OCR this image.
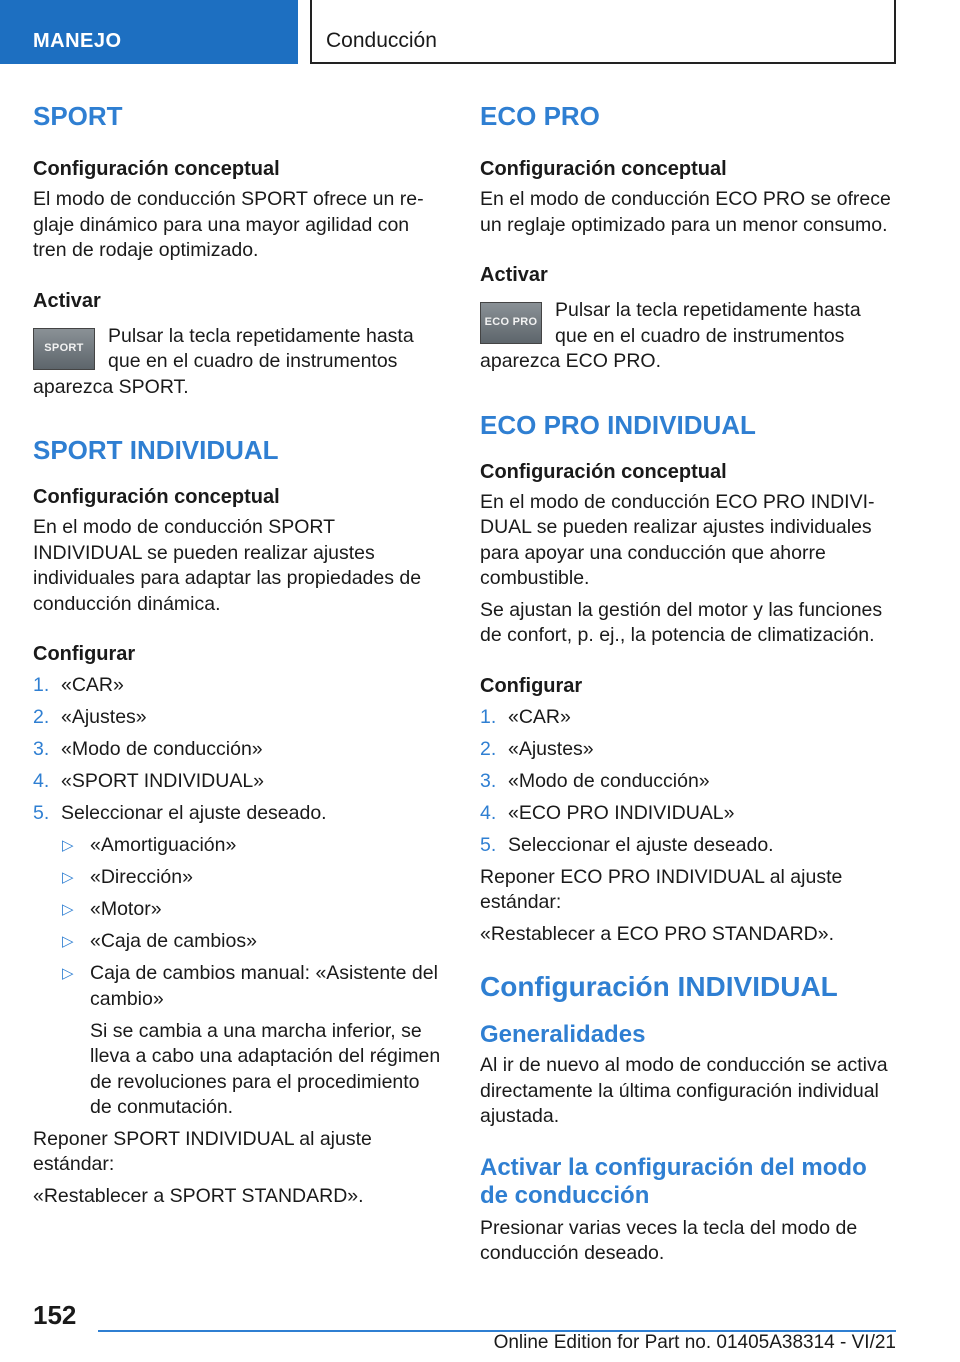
MANEJO	Conducción
SPORT
Configuración conceptual
El modo de conducción SPORT ofrece un reglaje dinámico para una mayor agilidad con tren de rodaje optimizado.
Activar
SPORT
Pulsar la tecla repetidamente hasta que en el cuadro de instrumentos aparezca SPORT.
SPORT INDIVIDUAL
Configuración conceptual
En el modo de conducción SPORT INDIVIDUAL se pueden realizar ajustes individuales para adaptar las propiedades de conducción dinámica.
Configurar
1. «CAR»
2. «Ajustes»
3. «Modo de conducción»
4. «SPORT INDIVIDUAL»
5. Seleccionar el ajuste deseado.
▷ «Amortiguación»
▷ «Dirección»
▷ «Motor»
▷ «Caja de cambios»
▷ Caja de cambios manual: «Asistente del cambio»
Si se cambia a una marcha inferior, se lleva a cabo una adaptación del régimen de revoluciones para el procedimiento de conmutación.
Reponer SPORT INDIVIDUAL al ajuste estándar:
«Restablecer a SPORT STANDARD».
ECO PRO
Configuración conceptual
En el modo de conducción ECO PRO se ofrece un reglaje optimizado para un menor consumo.
Activar
ECO PRO
Pulsar la tecla repetidamente hasta que en el cuadro de instrumentos aparezca ECO PRO.
ECO PRO INDIVIDUAL
Configuración conceptual
En el modo de conducción ECO PRO INDIVIDUAL se pueden realizar ajustes individuales para apoyar una conducción que ahorre combustible.
Se ajustan la gestión del motor y las funciones de confort, p. ej., la potencia de climatización.
Configurar
1. «CAR»
2. «Ajustes»
3. «Modo de conducción»
4. «ECO PRO INDIVIDUAL»
5. Seleccionar el ajuste deseado.
Reponer ECO PRO INDIVIDUAL al ajuste estándar:
«Restablecer a ECO PRO STANDARD».
Configuración INDIVIDUAL
Generalidades
Al ir de nuevo al modo de conducción se activa directamente la última configuración individual ajustada.
Activar la configuración del modo de conducción
Presionar varias veces la tecla del modo de conducción deseado.
152
Online Edition for Part no. 01405A38314 - VI/21
